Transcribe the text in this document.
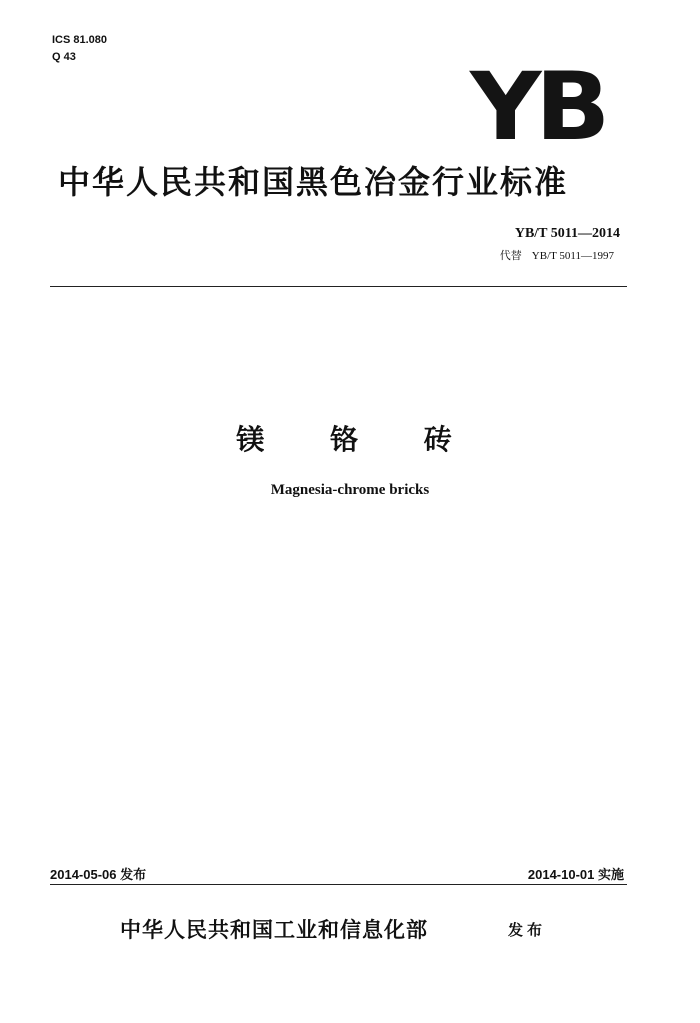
ICS 81.080
Q 43	YB
中华人民共和国黑色冶金行业标准
YB/T 5011—2014
代替 YB/T 5011—1997
镁 铬 砖
Magnesia-chrome bricks
2014-05-06 发布	2014-10-01 实施
中华人民共和国工业和信息化部	发布
